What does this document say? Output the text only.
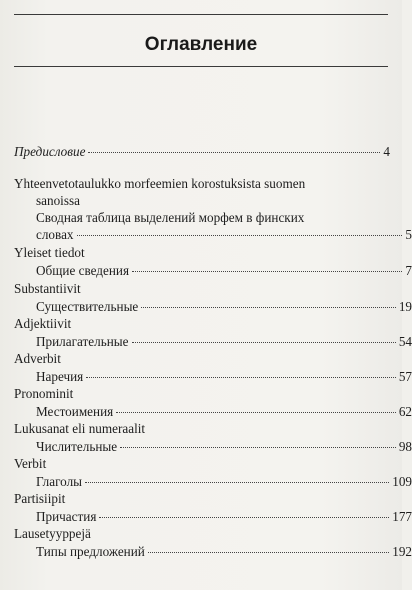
Оглавление
Предисловие	4
Yhteenvetotaulukko morfeemien korostuksista suomen
sanoissa
Сводная таблица выделений морфем в финских
словах	5
Yleiset tiedot
Общие сведения	7
Substantiivit
Существительные	19
Adjektiivit
Прилагательные	54
Adverbit
Наречия	57
Pronominit
Местоимения	62
Lukusanat eli numeraalit
Числительные	98
Verbit
Глаголы	109
Partisiipit
Причастия	177
Lausetyyppejä
Типы предложений	192
